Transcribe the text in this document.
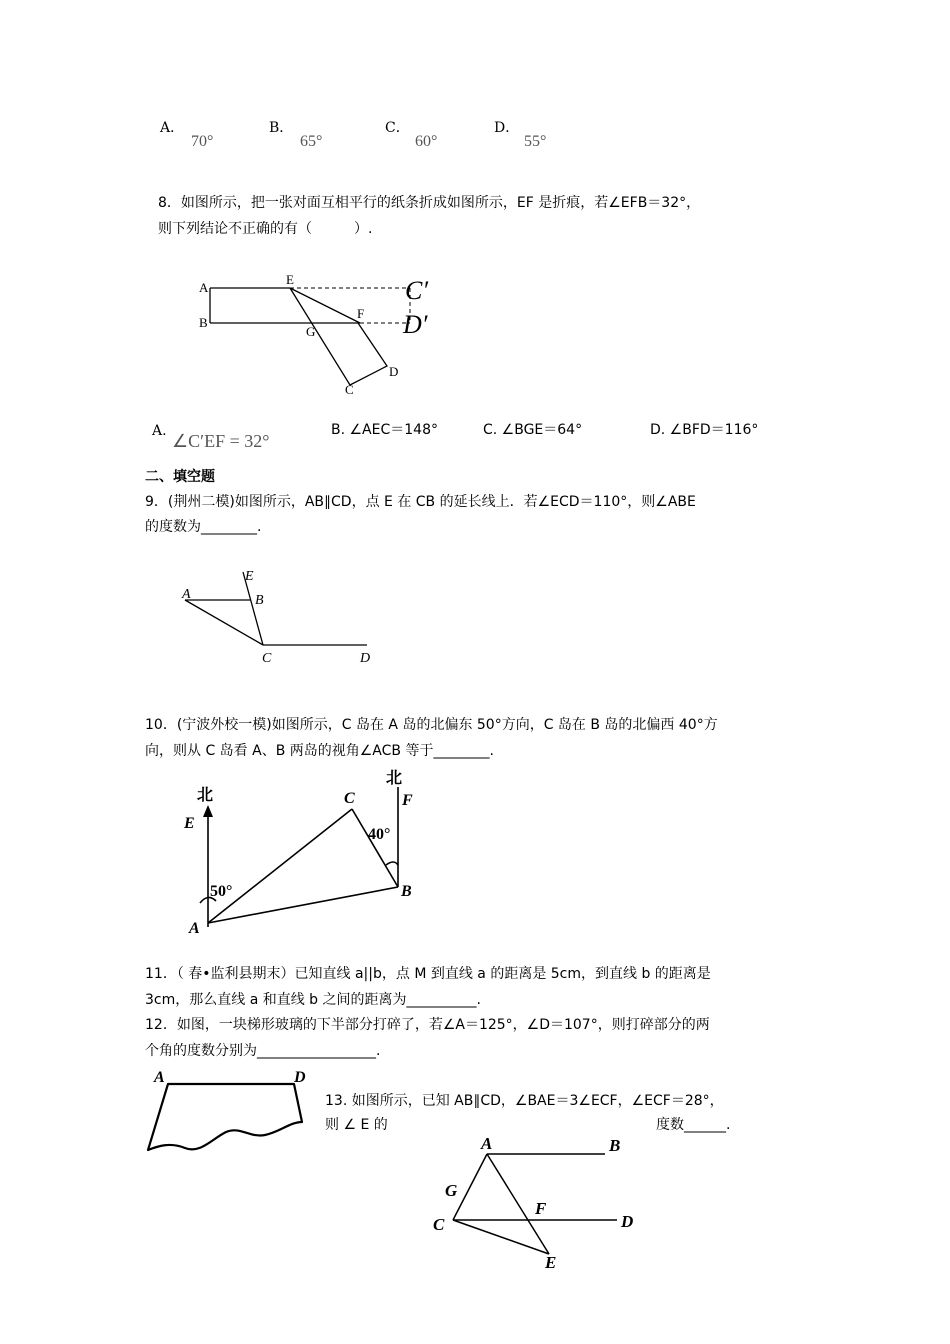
A．
70°
B．
65°
C．
60°
D．
55°
8．如图所示，把一张对面互相平行的纸条折成如图所示，EF 是折痕，若∠EFB＝32°，
则下列结论不正确的有（　　　）.
A
B
E
F
G
C
D
C′
D′
A. ∠C′EF = 32°
B. ∠AEC＝148°	C. ∠BGE＝64°	D. ∠BFD＝116°
二、填空题
9．(荆州二模)如图所示，AB∥CD，点 E 在 CB 的延长线上．若∠ECD＝110°，则∠ABE
的度数为________.
E
A	B
C	D
10．(宁波外校一模)如图所示，C 岛在 A 岛的北偏东 50°方向，C 岛在 B 岛的北偏西 40°方
向，则从 C 岛看 A、B 两岛的视角∠ACB 等于________.
北
北
E
F
C
A
B
50°
40°
11．（ 春•监利县期末）已知直线 a||b，点 M 到直线 a 的距离是 5cm，到直线 b 的距离是
3cm，那么直线 a 和直线 b 之间的距离为__________.
12．如图，一块梯形玻璃的下半部分打碎了，若∠A＝125°，∠D＝107°，则打碎部分的两
个角的度数分别为_________________.
A	D
13. 如图所示，已知 AB∥CD，∠BAE＝3∠ECF，∠ECF＝28°，
则 ∠ E 的	度数______.
A	B
G
F
C	D
E
